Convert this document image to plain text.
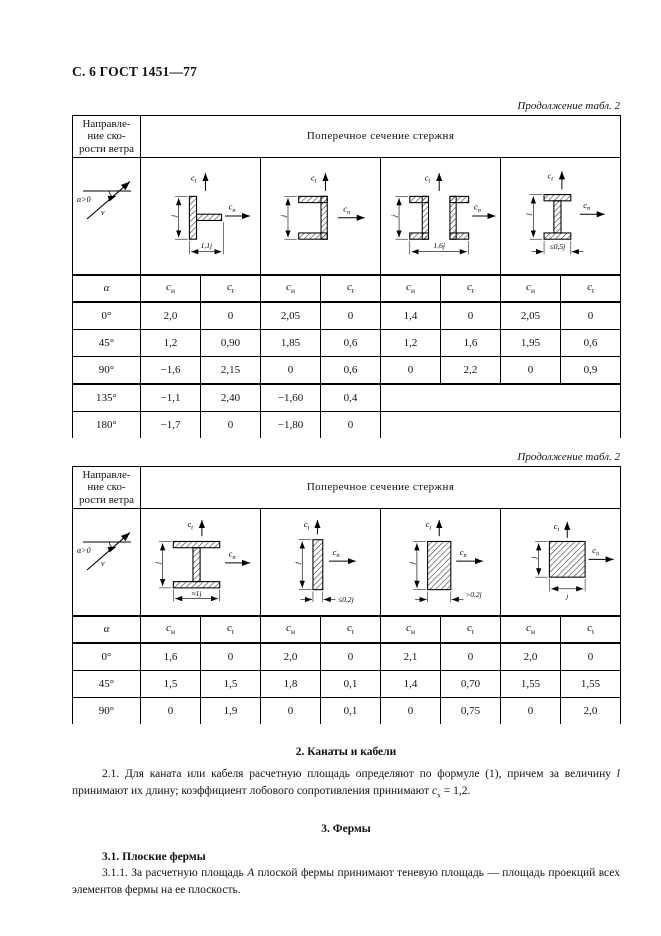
С. 6 ГОСТ 1451—77
Продолжение табл. 2
Направле-
ние ско-
рости ветра	Поперечное сечение стержня							

α>0
v	$c_t$
$c_п$
j
1,1j		$c_t$
$c_п$
j		$c_t$
$c_п$
j
1,6j		$c_t$
$c_п$
j
≤0,5j	

α	$c_н$	$c_t$	$c_н$	$c_t$	$c_н$	$c_t$	$c_н$	$c_t$
0°	2,0	0	2,05	0	1,4	0	2,05	0
45°	1,2	0,90	1,85	0,6	1,2	1,6	1,95	0,6
90°	−1,6	2,15	0	0,6	0	2,2	0	0,9
135°	−1,1	2,40	−1,60	0,4				
180°	−1,7	0	−1,80	0				
Продолжение табл. 2
Направле-
ние ско-
рости ветра	Поперечное сечение стержня							

α>0
v	$c_t$
$c_п$
j
≈1j		$c_t$
$c_п$
j
≤0,2j		$c_t$
$c_п$
j
>0,2j		$c_t$
$c_п$
j
j	

α	$c_н$	$c_t$	$c_н$	$c_t$	$c_н$	$c_t$	$c_н$	$c_t$
0°	1,6	0	2,0	0	2,1	0	2,0	0
45°	1,5	1,5	1,8	0,1	1,4	0,70	1,55	1,55
90°	0	1,9	0	0,1	0	0,75	0	2,0
2. Канаты и кабели

2.1. Для каната или кабеля расчетную площадь определяют по формуле (1), причем за величину l принимают их длину; коэффициент лобового сопротивления принимают $c_х = 1,2$.

3. Фермы
3.1. Плоские фермы

3.1.1. За расчетную площадь А плоской фермы принимают теневую площадь — площадь проекций всех элементов фермы на ее плоскость.
